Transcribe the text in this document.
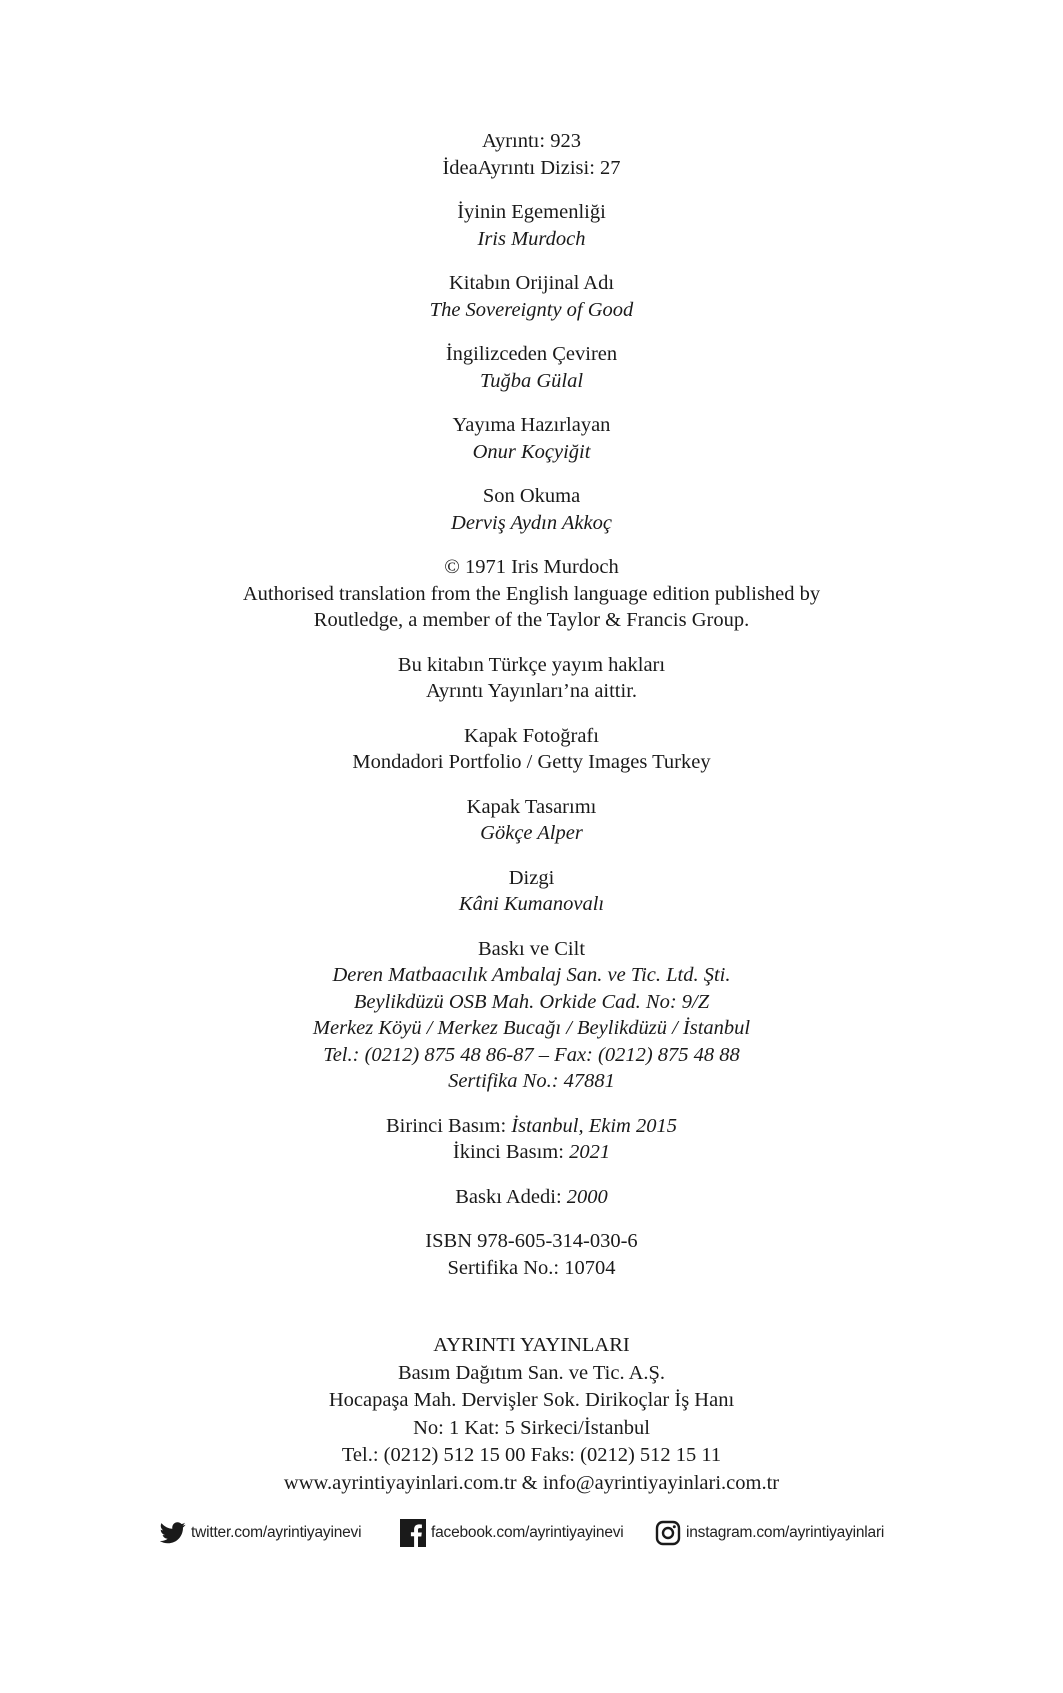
Ayrıntı: 923
İdeaAyrıntı Dizisi: 27
İyinin Egemenliği
Iris Murdoch
Kitabın Orijinal Adı
The Sovereignty of Good
İngilizceden Çeviren
Tuğba Gülal
Yayıma Hazırlayan
Onur Koçyiğit
Son Okuma
Derviş Aydın Akkoç
© 1971 Iris Murdoch
Authorised translation from the English language edition published by
Routledge, a member of the Taylor & Francis Group.
Bu kitabın Türkçe yayım hakları
Ayrıntı Yayınları’na aittir.
Kapak Fotoğrafı
Mondadori Portfolio / Getty Images Turkey
Kapak Tasarımı
Gökçe Alper
Dizgi
Kâni Kumanovalı
Baskı ve Cilt
Deren Matbaacılık Ambalaj San. ve Tic. Ltd. Şti.
Beylikdüzü OSB Mah. Orkide Cad. No: 9/Z
Merkez Köyü / Merkez Bucağı / Beylikdüzü / İstanbul
Tel.: (0212) 875 48 86-87 – Fax: (0212) 875 48 88
Sertifika No.: 47881
Birinci Basım: İstanbul, Ekim 2015
İkinci Basım: 2021
Baskı Adedi: 2000
ISBN 978-605-314-030-6
Sertifika No.: 10704
AYRINTI YAYINLARI
Basım Dağıtım San. ve Tic. A.Ş.
Hocapaşa Mah. Dervişler Sok. Dirikoçlar İş Hanı
No: 1 Kat: 5 Sirkeci/İstanbul
Tel.: (0212) 512 15 00 Faks: (0212) 512 15 11
www.ayrintiyayinlari.com.tr & info@ayrintiyayinlari.com.tr
twitter.com/ayrintiyayinevi	facebook.com/ayrintiyayinevi	instagram.com/ayrintiyayinlari
